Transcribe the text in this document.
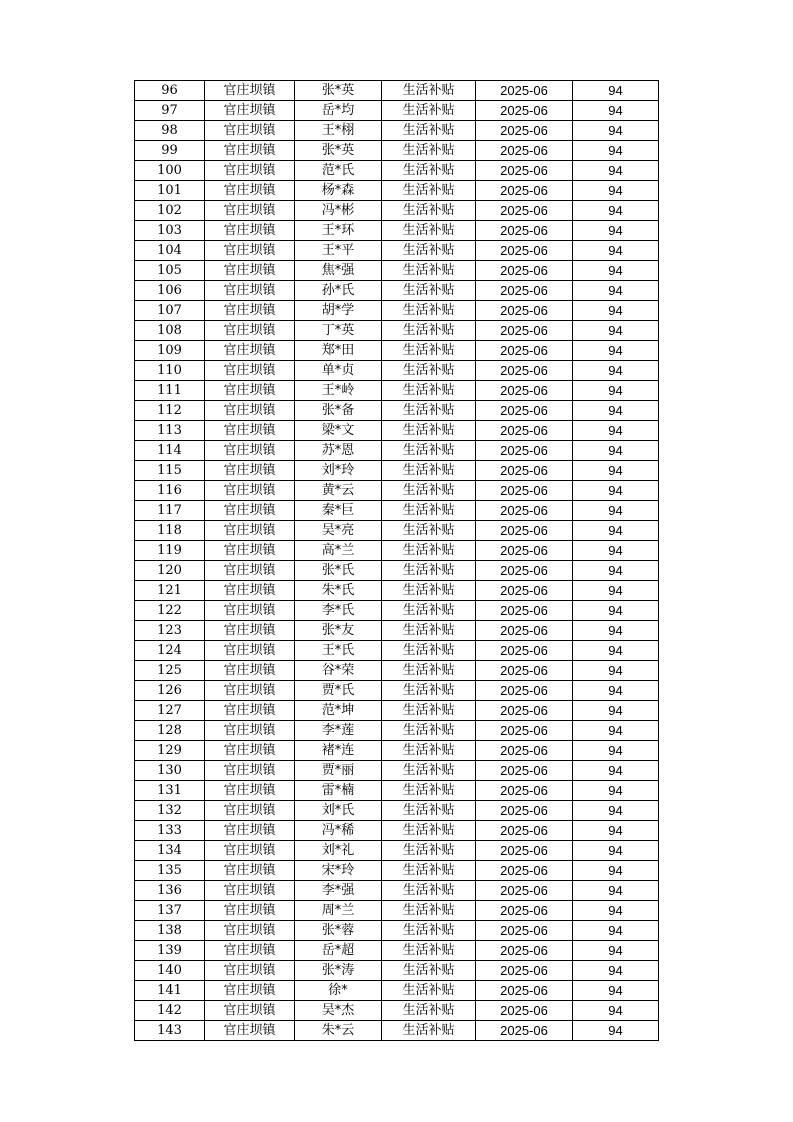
96	官庄坝镇	张*英	生活补贴	2025-06	94
97	官庄坝镇	岳*均	生活补贴	2025-06	94
98	官庄坝镇	王*栩	生活补贴	2025-06	94
99	官庄坝镇	张*英	生活补贴	2025-06	94
100	官庄坝镇	范*氏	生活补贴	2025-06	94
101	官庄坝镇	杨*森	生活补贴	2025-06	94
102	官庄坝镇	冯*彬	生活补贴	2025-06	94
103	官庄坝镇	王*环	生活补贴	2025-06	94
104	官庄坝镇	王*平	生活补贴	2025-06	94
105	官庄坝镇	焦*强	生活补贴	2025-06	94
106	官庄坝镇	孙*氏	生活补贴	2025-06	94
107	官庄坝镇	胡*学	生活补贴	2025-06	94
108	官庄坝镇	丁*英	生活补贴	2025-06	94
109	官庄坝镇	郑*田	生活补贴	2025-06	94
110	官庄坝镇	单*贞	生活补贴	2025-06	94
111	官庄坝镇	王*岭	生活补贴	2025-06	94
112	官庄坝镇	张*备	生活补贴	2025-06	94
113	官庄坝镇	梁*文	生活补贴	2025-06	94
114	官庄坝镇	苏*恩	生活补贴	2025-06	94
115	官庄坝镇	刘*玲	生活补贴	2025-06	94
116	官庄坝镇	黄*云	生活补贴	2025-06	94
117	官庄坝镇	秦*巨	生活补贴	2025-06	94
118	官庄坝镇	吴*亮	生活补贴	2025-06	94
119	官庄坝镇	高*兰	生活补贴	2025-06	94
120	官庄坝镇	张*氏	生活补贴	2025-06	94
121	官庄坝镇	朱*氏	生活补贴	2025-06	94
122	官庄坝镇	李*氏	生活补贴	2025-06	94
123	官庄坝镇	张*友	生活补贴	2025-06	94
124	官庄坝镇	王*氏	生活补贴	2025-06	94
125	官庄坝镇	谷*荣	生活补贴	2025-06	94
126	官庄坝镇	贾*氏	生活补贴	2025-06	94
127	官庄坝镇	范*坤	生活补贴	2025-06	94
128	官庄坝镇	李*莲	生活补贴	2025-06	94
129	官庄坝镇	褚*连	生活补贴	2025-06	94
130	官庄坝镇	贾*丽	生活补贴	2025-06	94
131	官庄坝镇	雷*楠	生活补贴	2025-06	94
132	官庄坝镇	刘*氏	生活补贴	2025-06	94
133	官庄坝镇	冯*稀	生活补贴	2025-06	94
134	官庄坝镇	刘*礼	生活补贴	2025-06	94
135	官庄坝镇	宋*玲	生活补贴	2025-06	94
136	官庄坝镇	李*强	生活补贴	2025-06	94
137	官庄坝镇	周*兰	生活补贴	2025-06	94
138	官庄坝镇	张*蓉	生活补贴	2025-06	94
139	官庄坝镇	岳*超	生活补贴	2025-06	94
140	官庄坝镇	张*涛	生活补贴	2025-06	94
141	官庄坝镇	徐*	生活补贴	2025-06	94
142	官庄坝镇	吴*杰	生活补贴	2025-06	94
143	官庄坝镇	朱*云	生活补贴	2025-06	94
